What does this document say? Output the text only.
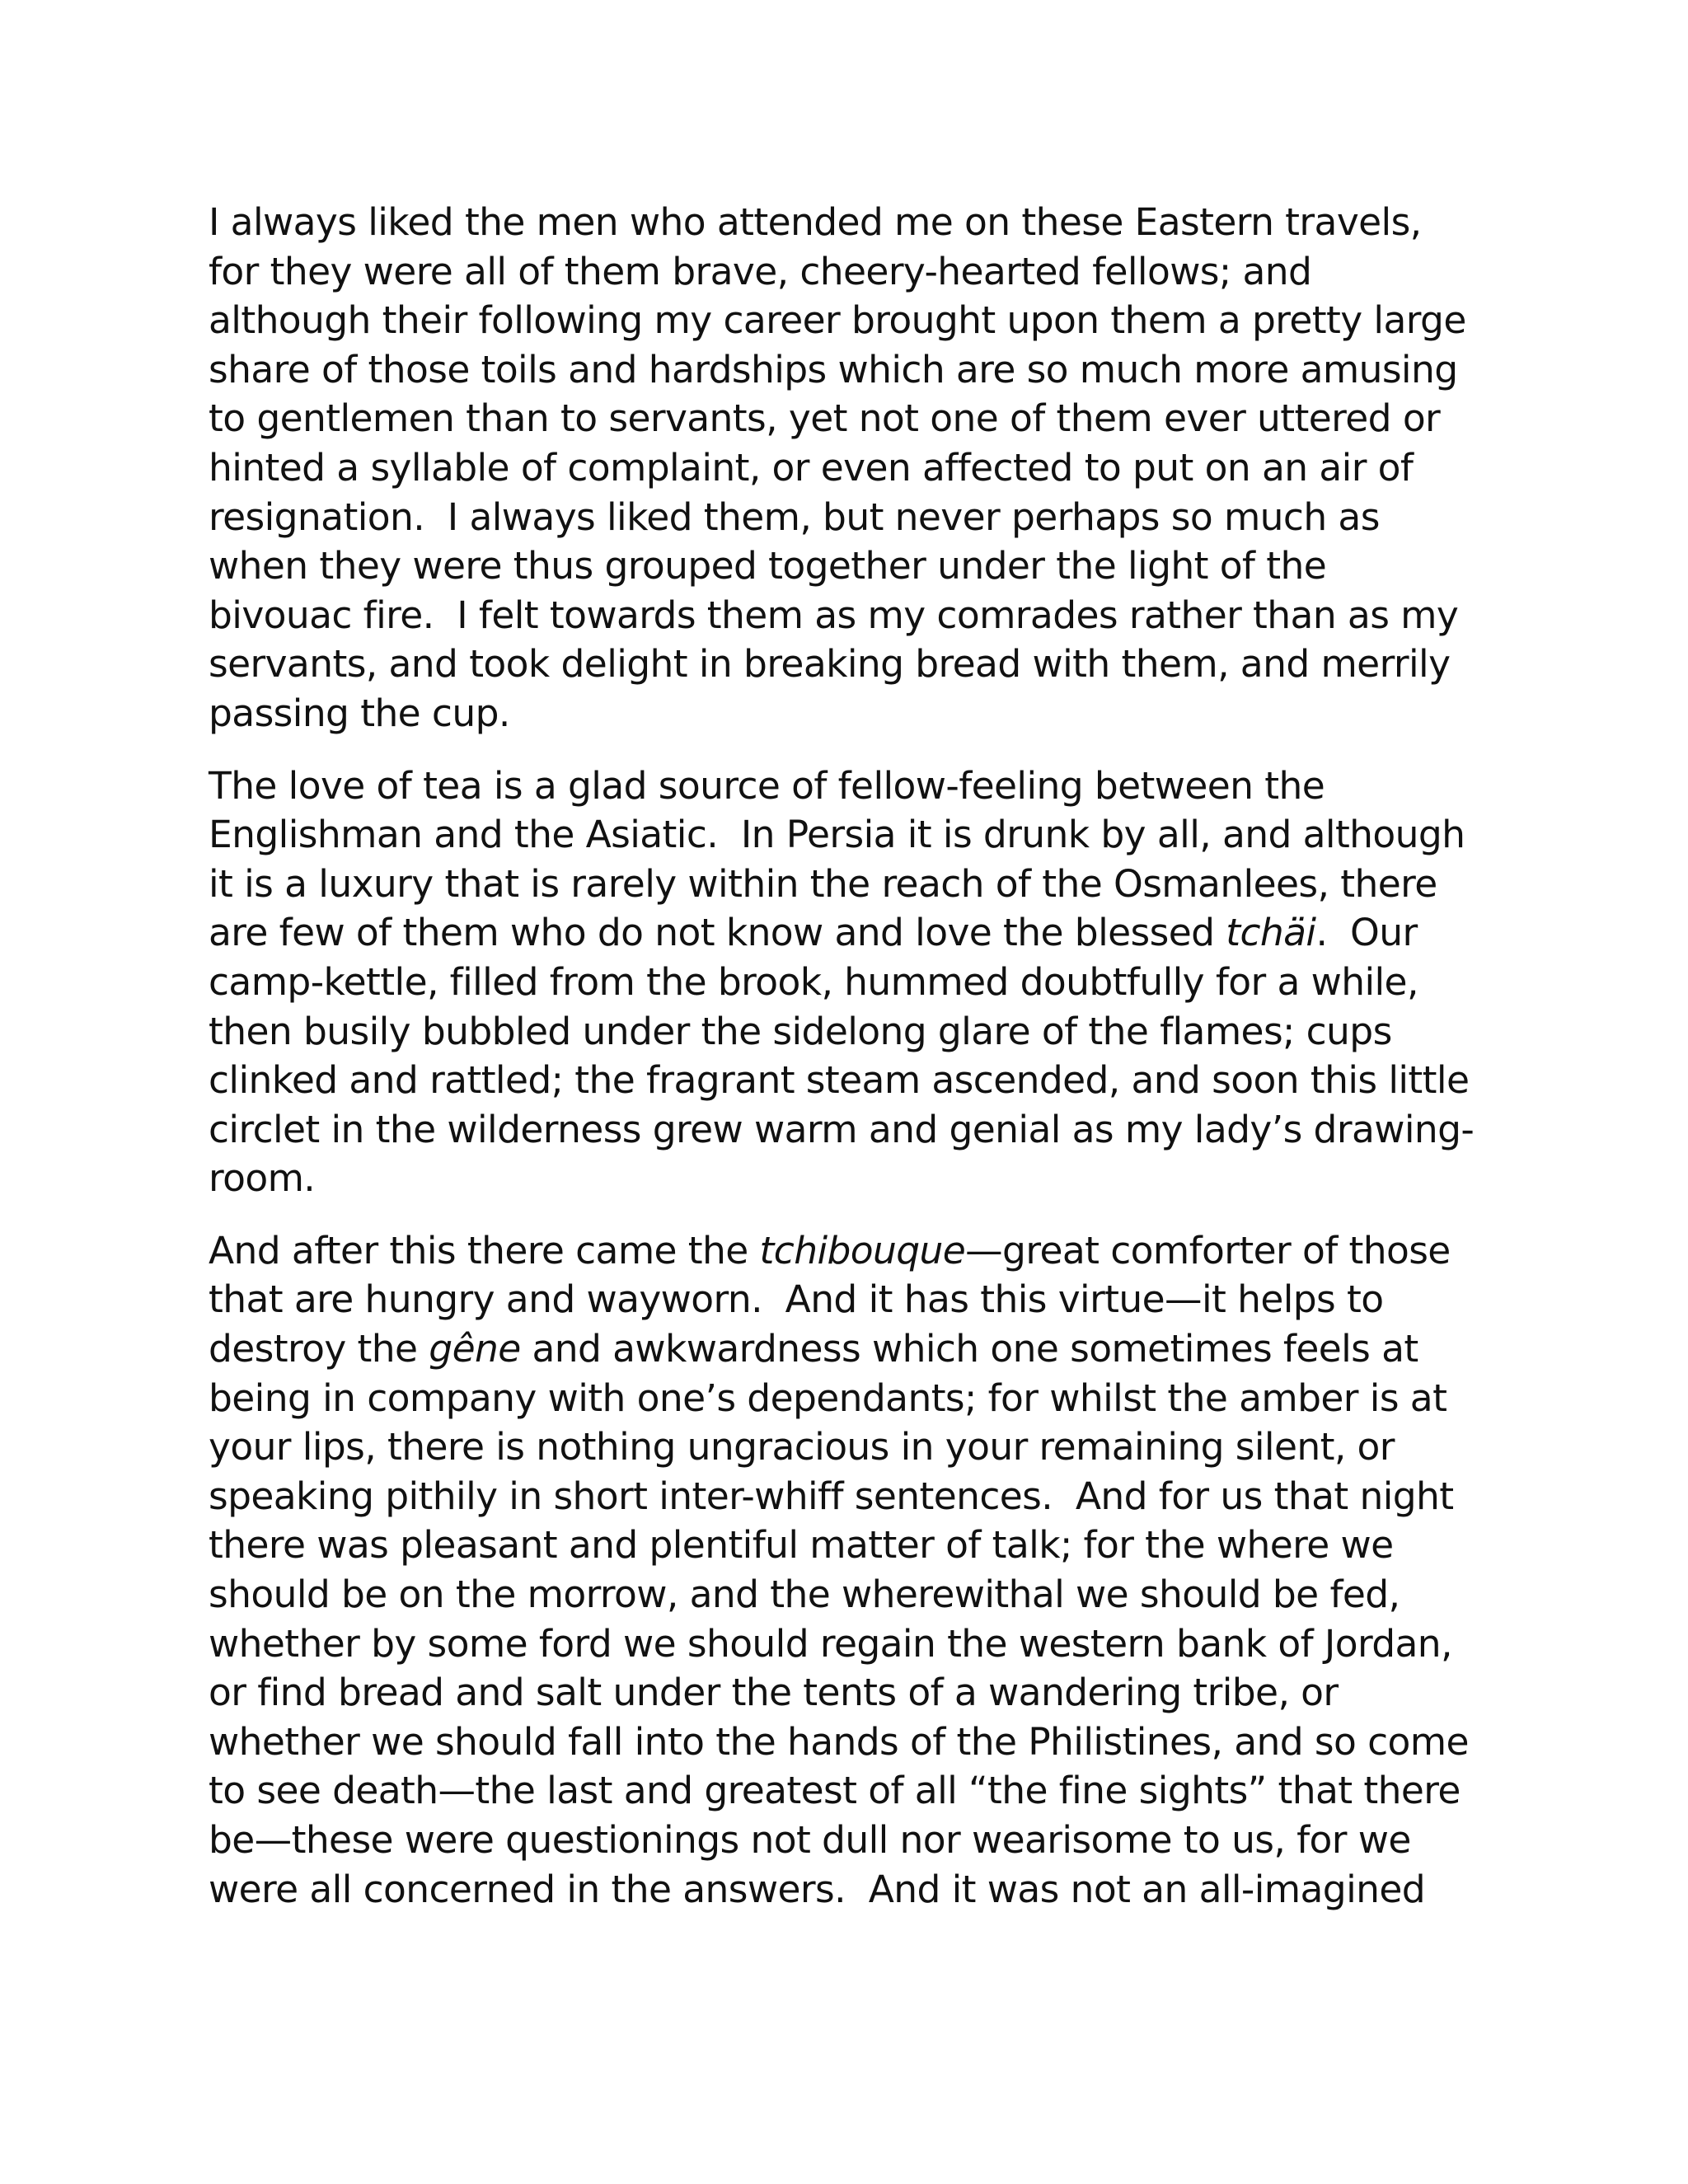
I always liked the men who attended me on these Eastern travels,
for they were all of them brave, cheery-hearted fellows; and
although their following my career brought upon them a pretty large
share of those toils and hardships which are so much more amusing
to gentlemen than to servants, yet not one of them ever uttered or
hinted a syllable of complaint, or even affected to put on an air of
resignation.  I always liked them, but never perhaps so much as
when they were thus grouped together under the light of the
bivouac fire.  I felt towards them as my comrades rather than as my
servants, and took delight in breaking bread with them, and merrily
passing the cup.
The love of tea is a glad source of fellow-feeling between the
Englishman and the Asiatic.  In Persia it is drunk by all, and although
it is a luxury that is rarely within the reach of the Osmanlees, there
are few of them who do not know and love the blessed tchäi.  Our
camp-kettle, filled from the brook, hummed doubtfully for a while,
then busily bubbled under the sidelong glare of the flames; cups
clinked and rattled; the fragrant steam ascended, and soon this little
circlet in the wilderness grew warm and genial as my lady’s drawing-
room.
And after this there came the tchibouque—great comforter of those
that are hungry and wayworn.  And it has this virtue—it helps to
destroy the gêne and awkwardness which one sometimes feels at
being in company with one’s dependants; for whilst the amber is at
your lips, there is nothing ungracious in your remaining silent, or
speaking pithily in short inter-whiff sentences.  And for us that night
there was pleasant and plentiful matter of talk; for the where we
should be on the morrow, and the wherewithal we should be fed,
whether by some ford we should regain the western bank of Jordan,
or find bread and salt under the tents of a wandering tribe, or
whether we should fall into the hands of the Philistines, and so come
to see death—the last and greatest of all “the fine sights” that there
be—these were questionings not dull nor wearisome to us, for we
were all concerned in the answers.  And it was not an all-imagined
